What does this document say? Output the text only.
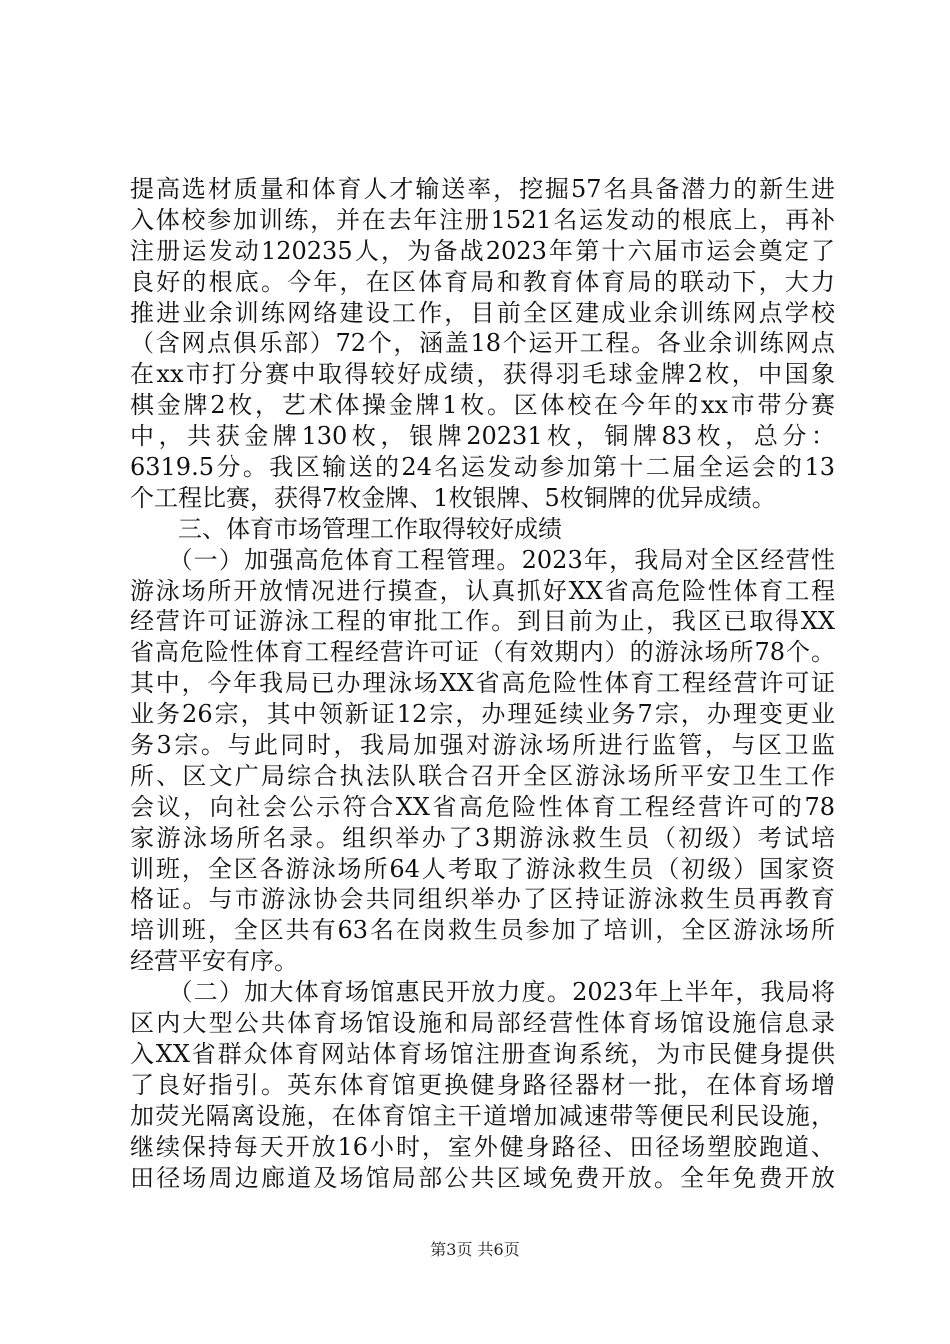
提高选材质量和体育人才输送率，挖掘57名具备潜力的新生进
入体校参加训练，并在去年注册1521名运发动的根底上，再补
注册运发动120235人，为备战2023年第十六届市运会奠定了
良好的根底。今年，在区体育局和教育体育局的联动下，大力
推进业余训练网络建设工作，目前全区建成业余训练网点学校
（含网点俱乐部）72个，涵盖18个运开工程。各业余训练网点
在xx市打分赛中取得较好成绩，获得羽毛球金牌2枚，中国象
棋金牌2枚，艺术体操金牌1枚。区体校在今年的xx市带分赛
中，共获金牌130枚，银牌20231枚，铜牌83枚，总分：
6319.5分。我区输送的24名运发动参加第十二届全运会的13
个工程比赛，获得7枚金牌、1枚银牌、5枚铜牌的优异成绩。
　　三、体育市场管理工作取得较好成绩
　　（一）加强高危体育工程管理。2023年，我局对全区经营性
游泳场所开放情况进行摸查，认真抓好XX省高危险性体育工程
经营许可证游泳工程的审批工作。到目前为止，我区已取得XX
省高危险性体育工程经营许可证（有效期内）的游泳场所78个。
其中，今年我局已办理泳场XX省高危险性体育工程经营许可证
业务26宗，其中领新证12宗，办理延续业务7宗，办理变更业
务3宗。与此同时，我局加强对游泳场所进行监管，与区卫监
所、区文广局综合执法队联合召开全区游泳场所平安卫生工作
会议，向社会公示符合XX省高危险性体育工程经营许可的78
家游泳场所名录。组织举办了3期游泳救生员（初级）考试培
训班，全区各游泳场所64人考取了游泳救生员（初级）国家资
格证。与市游泳协会共同组织举办了区持证游泳救生员再教育
培训班，全区共有63名在岗救生员参加了培训，全区游泳场所
经营平安有序。
　　（二）加大体育场馆惠民开放力度。2023年上半年，我局将
区内大型公共体育场馆设施和局部经营性体育场馆设施信息录
入XX省群众体育网站体育场馆注册查询系统，为市民健身提供
了良好指引。英东体育馆更换健身路径器材一批，在体育场增
加荧光隔离设施，在体育馆主干道增加减速带等便民利民设施，
继续保持每天开放16小时，室外健身路径、田径场塑胶跑道、
田径场周边廊道及场馆局部公共区域免费开放。全年免费开放
第3页 共6页
